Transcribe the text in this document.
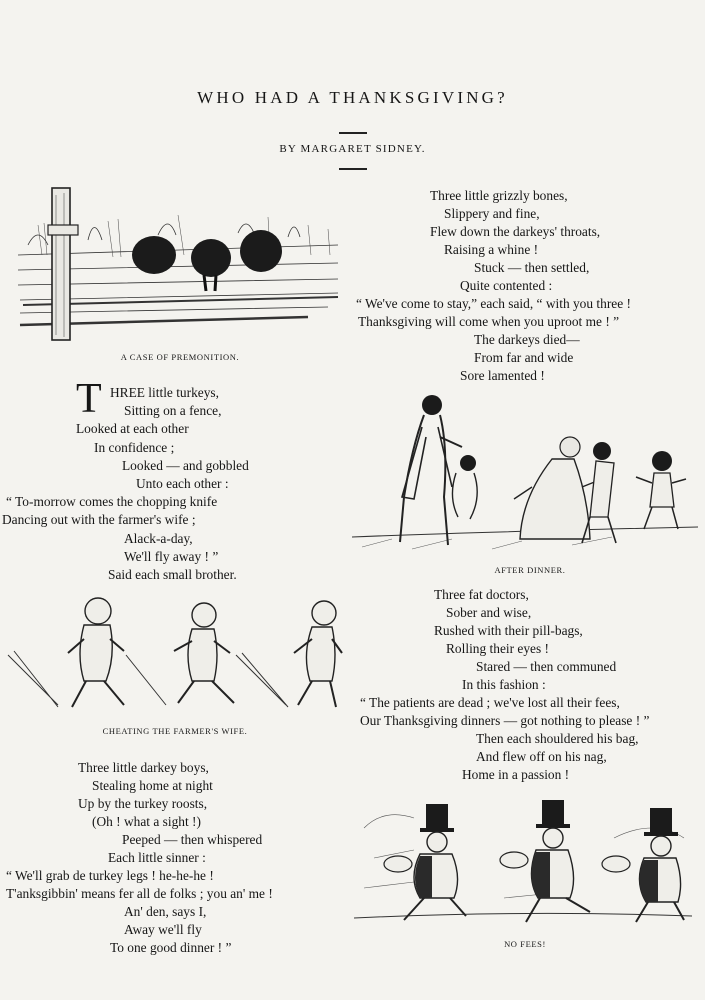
WHO HAD A THANKSGIVING?
BY MARGARET SIDNEY.
A CASE OF PREMONITION.
T HREE little turkeys,
Sitting on a fence,
Looked at each other
In confidence ;
Looked — and gobbled
Unto each other :
“ To-morrow comes the chopping knife
Dancing out with the farmer's wife ;
Alack-a-day,
We'll fly away ! ”
Said each small brother.
Three little grizzly bones,
Slippery and fine,
Flew down the darkeys' throats,
Raising a whine !
Stuck — then settled,
Quite contented :
“ We've come to stay,” each said, “ with you three !
Thanksgiving will come when you uproot me ! ”
The darkeys died—
From far and wide
Sore lamented !
AFTER DINNER.
CHEATING THE FARMER'S WIFE.
Three fat doctors,
Sober and wise,
Rushed with their pill-bags,
Rolling their eyes !
Stared — then communed
In this fashion :
“ The patients are dead ; we've lost all their fees,
Our Thanksgiving dinners — got nothing to please ! ”
Then each shouldered his bag,
And flew off on his nag,
Home in a passion !
Three little darkey boys,
Stealing home at night
Up by the turkey roosts,
(Oh ! what a sight !)
Peeped — then whispered
Each little sinner :
“ We'll grab de turkey legs ! he-he-he !
T'anksgibbin' means fer all de folks ; you an' me !
An' den, says I,
Away we'll fly
To one good dinner ! ”	NO FEES!
